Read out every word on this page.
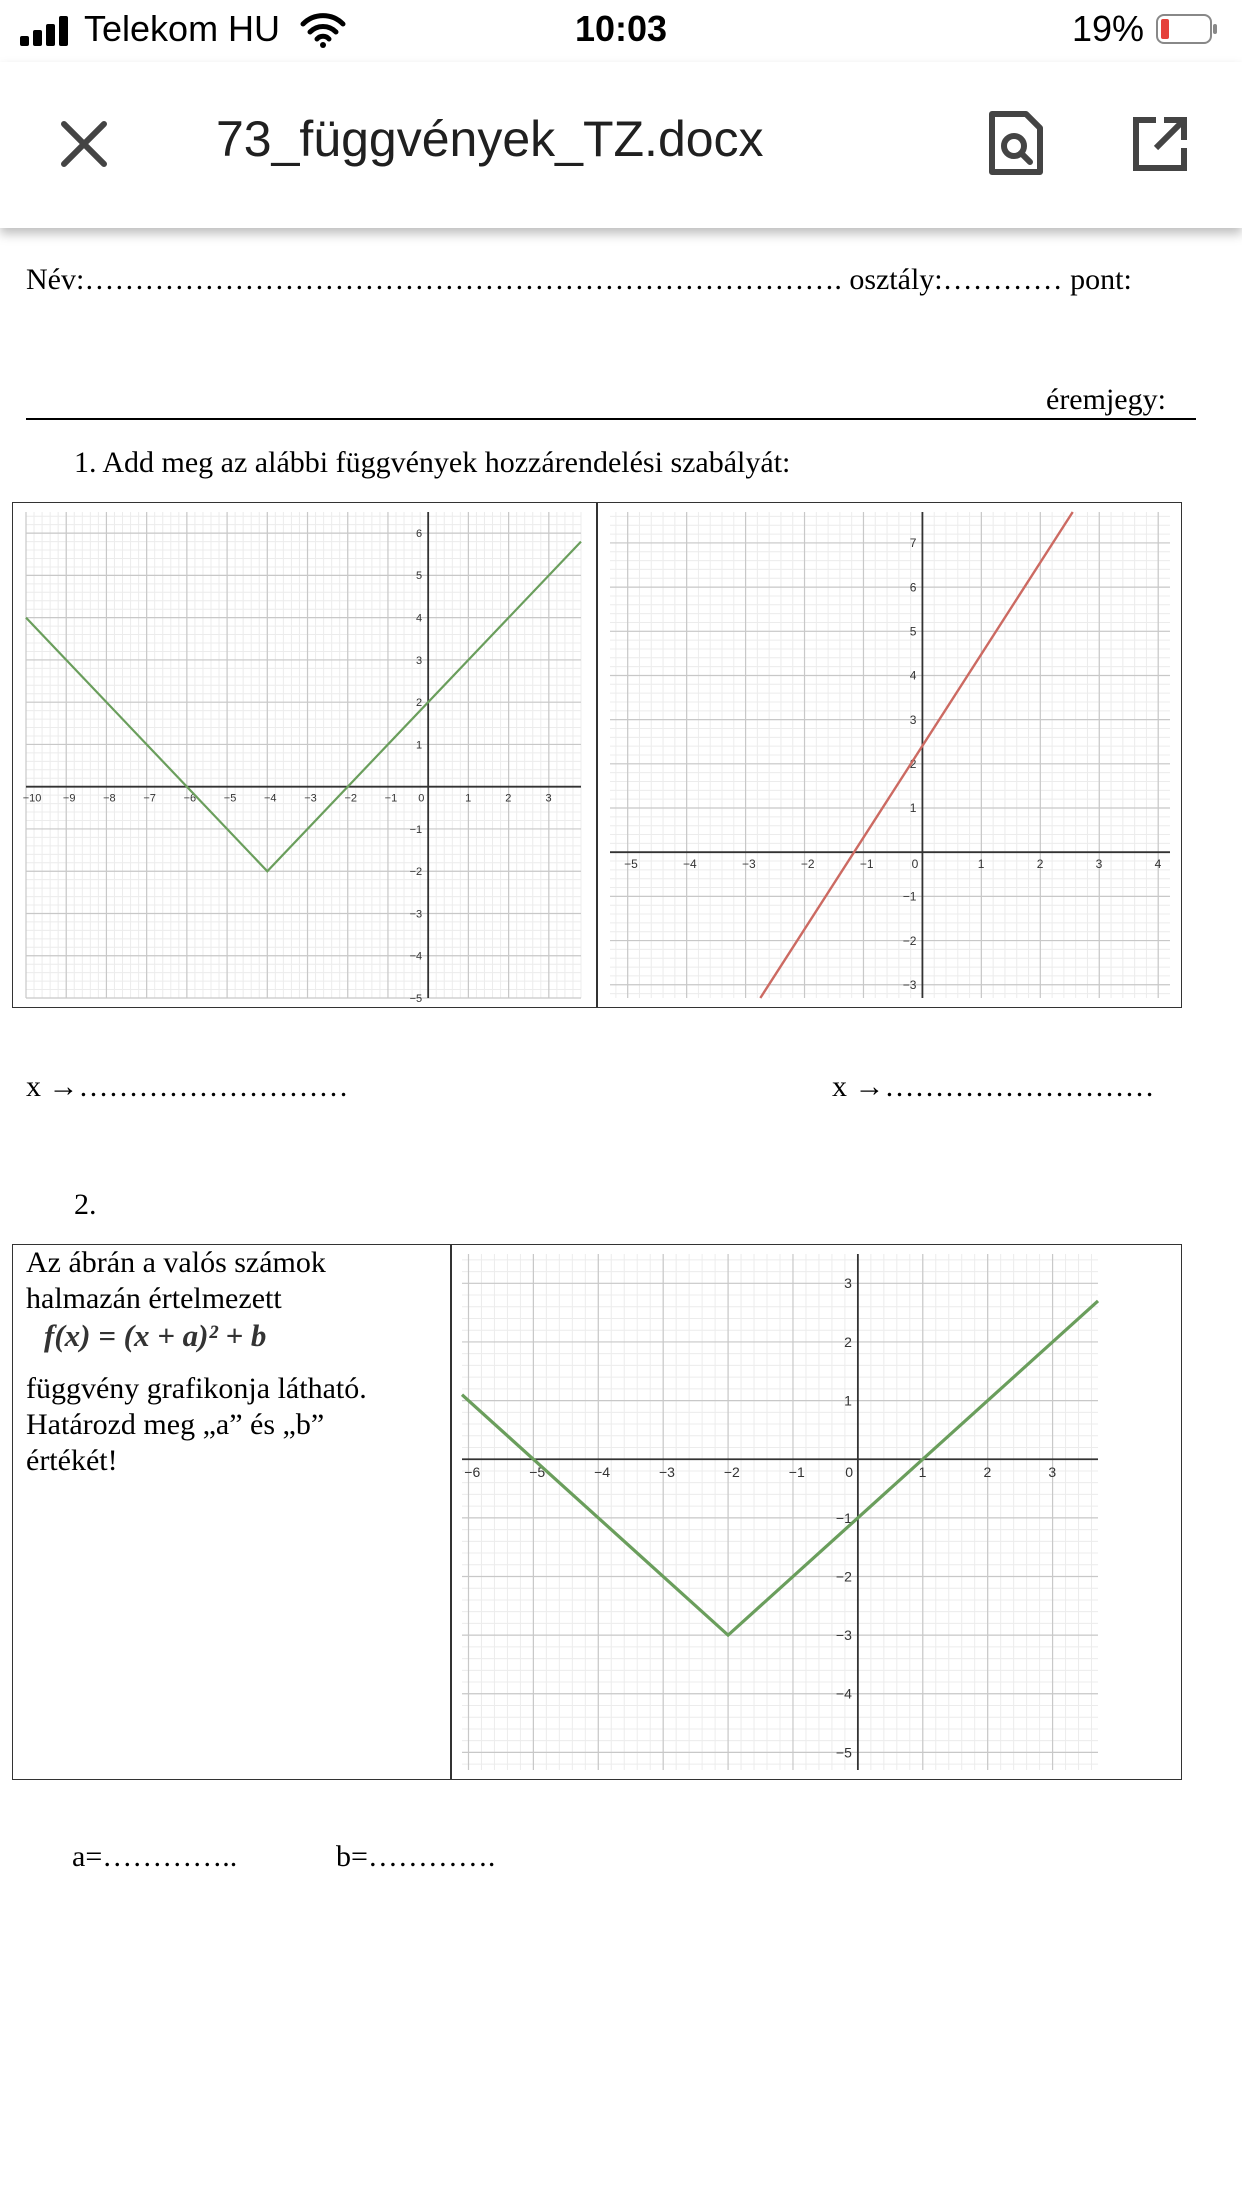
Telekom HU	10:03	19%
73_függvények_TZ.docx
Név:…………………………………………………………………. osztály:………… pont:
éremjegy:
1. Add meg az alábbi függvények hozzárendelési szabályát:
−10 −9	−8	−7	−6	−5	−4	−3	−2	−1 0	1	2	3
−5
−4
−3
−2
−1
1
2
3
4
5
6
−5	−4	−3	−2	−1	0	1	2	3	4
−3
−2
−1
1
2
3
4
5
6
7
x →………………………	x →………………………
2.
Az ábrán a valós számok
halmazán értelmezett
f(x) = (x + a)² + b
függvény grafikonja látható.
Határozd meg „a” és „b”
értékét!	−6	−5	−4	−3	−2	−1	0	1	2	3
−5
−4
−3
−2
−1
1
2
3
a=…………..	b=………….
